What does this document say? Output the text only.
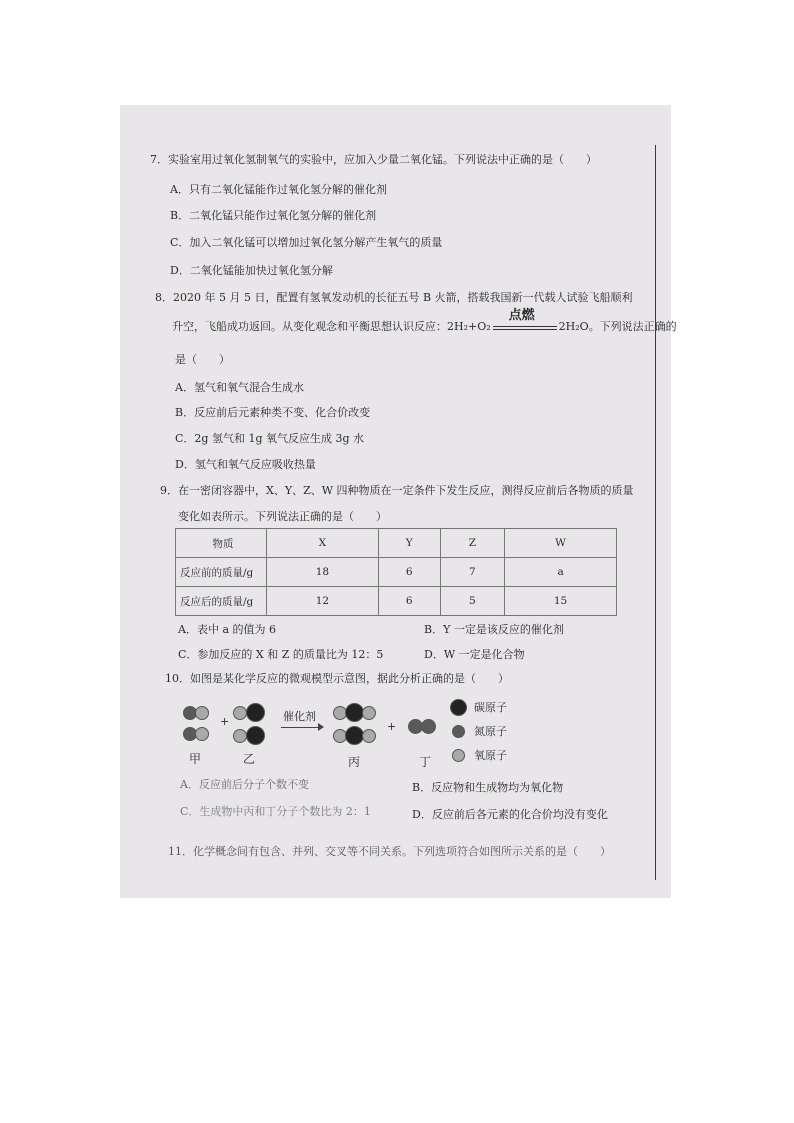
7．实验室用过氧化氢制氧气的实验中，应加入少量二氧化锰。下列说法中正确的是（　　）
A．只有二氧化锰能作过氧化氢分解的催化剂
B．二氧化锰只能作过氧化氢分解的催化剂
C．加入二氧化锰可以增加过氧化氢分解产生氧气的质量
D．二氧化锰能加快过氧化氢分解
8．2020 年 5 月 5 日，配置有氢氧发动机的长征五号 B 火箭，搭载我国新一代载人试验飞船顺利
升空，飞船成功返回。从变化观念和平衡思想认识反应：2H₂+O₂
点燃
2H₂O。下列说法正确的
是（　　）
A．氢气和氧气混合生成水
B．反应前后元素种类不变、化合价改变
C．2g 氢气和 1g 氧气反应生成 3g 水
D．氢气和氧气反应吸收热量
9．在一密闭容器中，X、Y、Z、W 四种物质在一定条件下发生反应，测得反应前后各物质的质量
变化如表所示。下列说法正确的是（　　）
物质	X	Y	Z	W
反应前的质量/g	18	6	7	a
反应后的质量/g	12	6	5	15
A．表中 a 的值为 6	B．Y 一定是该反应的催化剂
C．参加反应的 X 和 Z 的质量比为 12：5	D．W 一定是化合物
10．如图是某化学反应的微观模型示意图，据此分析正确的是（　　）
+	催化剂
+
甲	乙	丙	丁
碳原子
氮原子
氧原子
A．反应前后分子个数不变	B．反应物和生成物均为氧化物
C．生成物中丙和丁分子个数比为 2：1	D．反应前后各元素的化合价均没有变化
11．化学概念间有包含、并列、交叉等不同关系。下列选项符合如图所示关系的是（　　）
